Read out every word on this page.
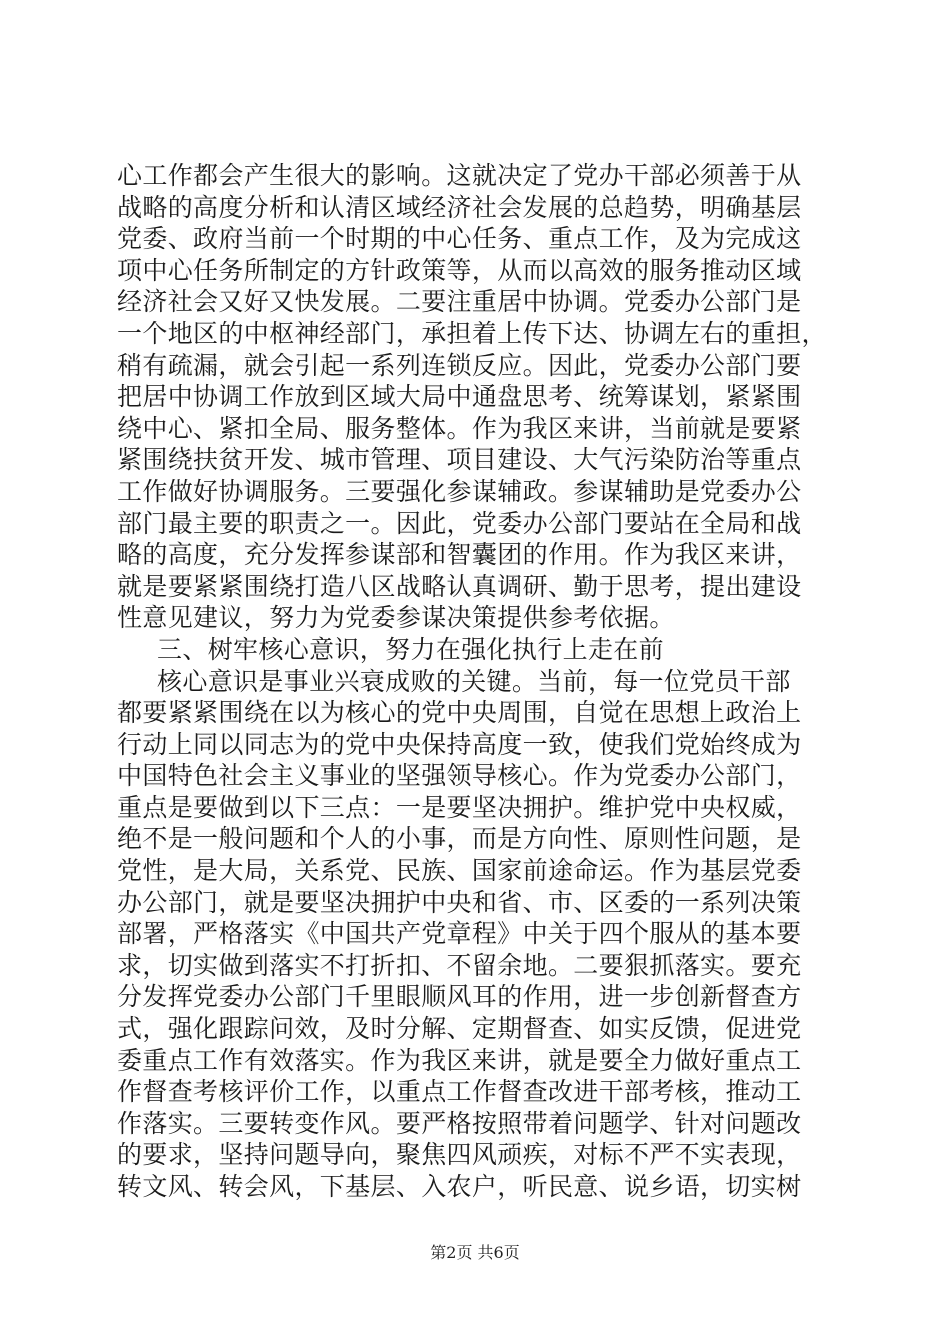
心工作都会产生很大的影响。这就决定了党办干部必须善于从
战略的高度分析和认清区域经济社会发展的总趋势，明确基层
党委、政府当前一个时期的中心任务、重点工作，及为完成这
项中心任务所制定的方针政策等，从而以高效的服务推动区域
经济社会又好又快发展。二要注重居中协调。党委办公部门是
一个地区的中枢神经部门，承担着上传下达、协调左右的重担，
稍有疏漏，就会引起一系列连锁反应。因此，党委办公部门要
把居中协调工作放到区域大局中通盘思考、统筹谋划，紧紧围
绕中心、紧扣全局、服务整体。作为我区来讲，当前就是要紧
紧围绕扶贫开发、城市管理、项目建设、大气污染防治等重点
工作做好协调服务。三要强化参谋辅政。参谋辅助是党委办公
部门最主要的职责之一。因此，党委办公部门要站在全局和战
略的高度，充分发挥参谋部和智囊团的作用。作为我区来讲，
就是要紧紧围绕打造八区战略认真调研、勤于思考，提出建设
性意见建议，努力为党委参谋决策提供参考依据。
三、树牢核心意识，努力在强化执行上走在前
核心意识是事业兴衰成败的关键。当前，每一位党员干部
都要紧紧围绕在以为核心的党中央周围，自觉在思想上政治上
行动上同以同志为的党中央保持高度一致，使我们党始终成为
中国特色社会主义事业的坚强领导核心。作为党委办公部门，
重点是要做到以下三点：一是要坚决拥护。维护党中央权威，
绝不是一般问题和个人的小事，而是方向性、原则性问题，是
党性，是大局，关系党、民族、国家前途命运。作为基层党委
办公部门，就是要坚决拥护中央和省、市、区委的一系列决策
部署，严格落实《中国共产党章程》中关于四个服从的基本要
求，切实做到落实不打折扣、不留余地。二要狠抓落实。要充
分发挥党委办公部门千里眼顺风耳的作用，进一步创新督查方
式，强化跟踪问效，及时分解、定期督查、如实反馈，促进党
委重点工作有效落实。作为我区来讲，就是要全力做好重点工
作督查考核评价工作，以重点工作督查改进干部考核，推动工
作落实。三要转变作风。要严格按照带着问题学、针对问题改
的要求，坚持问题导向，聚焦四风顽疾，对标不严不实表现，
转文风、转会风，下基层、入农户，听民意、说乡语，切实树
第2页 共6页
